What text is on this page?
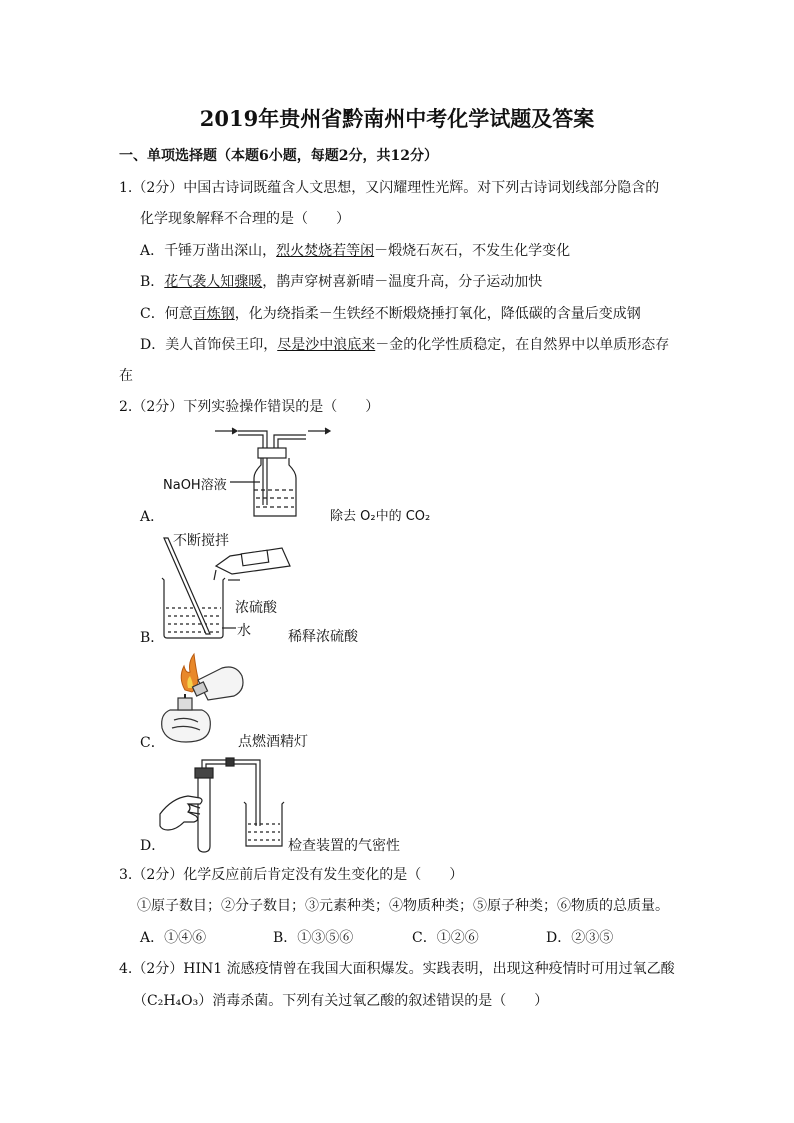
2019年贵州省黔南州中考化学试题及答案
一、单项选择题（本题6小题，每题2分，共12分）
1.（2分）中国古诗词既蕴含人文思想，又闪耀理性光辉。对下列古诗词划线部分隐含的
化学现象解释不合理的是（　　）
A．千锤万凿出深山，烈火焚烧若等闲－煅烧石灰石，不发生化学变化
B．花气袭人知骤暖，鹊声穿树喜新晴－温度升高，分子运动加快
C．何意百炼钢，化为绕指柔－生铁经不断煅烧捶打氧化，降低碳的含量后变成钢
D．美人首饰侯王印，尽是沙中浪底来－金的化学性质稳定，在自然界中以单质形态存
在
2.（2分）下列实验操作错误的是（　　）
NaOH溶液
A．	除去 O₂中的 CO₂
不断搅拌
浓硫酸
水
B．	稀释浓硫酸
C．	点燃酒精灯
D．	检查装置的气密性
3.（2分）化学反应前后肯定没有发生变化的是（　　）
①原子数目；②分子数目；③元素种类；④物质种类；⑤原子种类；⑥物质的总质量。
A．①④⑥	B．①③⑤⑥	C．①②⑥	D．②③⑤
4.（2分）HIN1 流感疫情曾在我国大面积爆发。实践表明，出现这种疫情时可用过氧乙酸
（C₂H₄O₃）消毒杀菌。下列有关过氧乙酸的叙述错误的是（　　）
